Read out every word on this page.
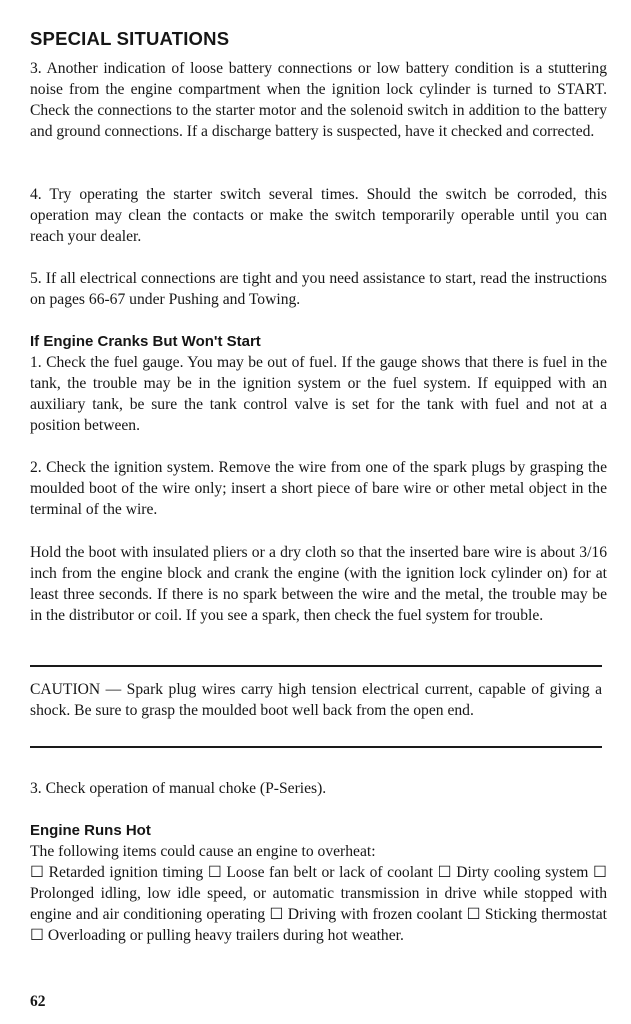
SPECIAL SITUATIONS
3. Another indication of loose battery connections or low battery condition is a stuttering noise from the engine compartment when the ignition lock cylinder is turned to START. Check the connections to the starter motor and the solenoid switch in addition to the battery and ground connections. If a discharge battery is suspected, have it checked and corrected.
4. Try operating the starter switch several times. Should the switch be corroded, this operation may clean the contacts or make the switch temporarily operable until you can reach your dealer.
5. If all electrical connections are tight and you need assistance to start, read the instructions on pages 66-67 under Pushing and Towing.
If Engine Cranks But Won't Start
1. Check the fuel gauge. You may be out of fuel. If the gauge shows that there is fuel in the tank, the trouble may be in the ignition system or the fuel system. If equipped with an auxiliary tank, be sure the tank control valve is set for the tank with fuel and not at a position between.
2. Check the ignition system. Remove the wire from one of the spark plugs by grasping the moulded boot of the wire only; insert a short piece of bare wire or other metal object in the terminal of the wire.
Hold the boot with insulated pliers or a dry cloth so that the inserted bare wire is about 3/16 inch from the engine block and crank the engine (with the ignition lock cylinder on) for at least three seconds. If there is no spark between the wire and the metal, the trouble may be in the distributor or coil. If you see a spark, then check the fuel system for trouble.
CAUTION — Spark plug wires carry high tension electrical current, capable of giving a shock. Be sure to grasp the moulded boot well back from the open end.
3. Check operation of manual choke (P-Series).
Engine Runs Hot
The following items could cause an engine to overheat:
☐ Retarded ignition timing ☐ Loose fan belt or lack of coolant ☐ Dirty cooling system ☐ Prolonged idling, low idle speed, or automatic transmission in drive while stopped with engine and air conditioning operating ☐ Driving with frozen coolant ☐ Sticking thermostat ☐ Overloading or pulling heavy trailers during hot weather.
62
